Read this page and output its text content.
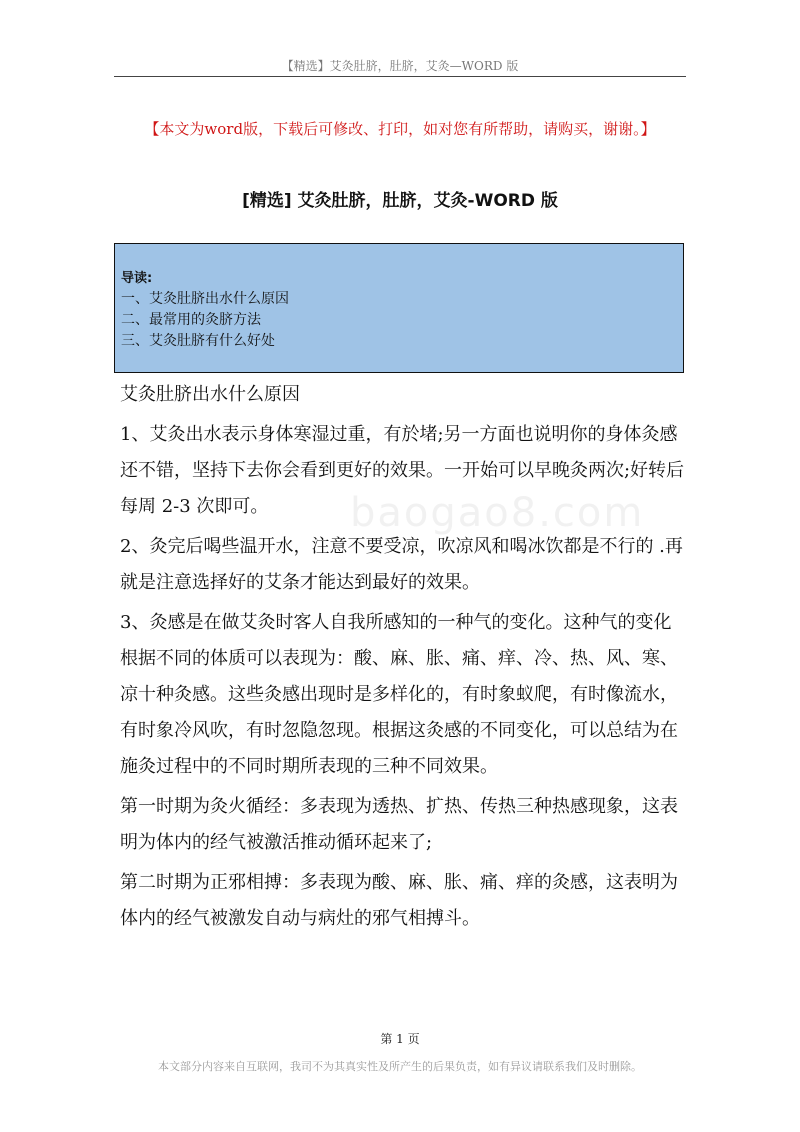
【精选】艾灸肚脐，肚脐，艾灸—WORD 版
【本文为word版，下载后可修改、打印，如对您有所帮助，请购买，谢谢。】
[精选] 艾灸肚脐，肚脐，艾灸-WORD 版
导读:
一、艾灸肚脐出水什么原因
二、最常用的灸脐方法
三、艾灸肚脐有什么好处
baogao8.com

艾灸肚脐出水什么原因

1、艾灸出水表示身体寒湿过重，有於堵;另一方面也说明你的身体灸感还不错，坚持下去你会看到更好的效果。一开始可以早晚灸两次;好转后每周 2-3 次即可。

2、灸完后喝些温开水，注意不要受凉，吹凉风和喝冰饮都是不行的 .再就是注意选择好的艾条才能达到最好的效果。

3、灸感是在做艾灸时客人自我所感知的一种气的变化。这种气的变化根据不同的体质可以表现为：酸、麻、胀、痛、痒、冷、热、风、寒、凉十种灸感。这些灸感出现时是多样化的，有时象蚁爬，有时像流水，有时象冷风吹，有时忽隐忽现。根据这灸感的不同变化，可以总结为在施灸过程中的不同时期所表现的三种不同效果。

第一时期为灸火循经：多表现为透热、扩热、传热三种热感现象，这表明为体内的经气被激活推动循环起来了;

第二时期为正邪相搏：多表现为酸、麻、胀、痛、痒的灸感，这表明为体内的经气被激发自动与病灶的邪气相搏斗。

第 1 页
本文部分内容来自互联网，我司不为其真实性及所产生的后果负责，如有异议请联系我们及时删除。
